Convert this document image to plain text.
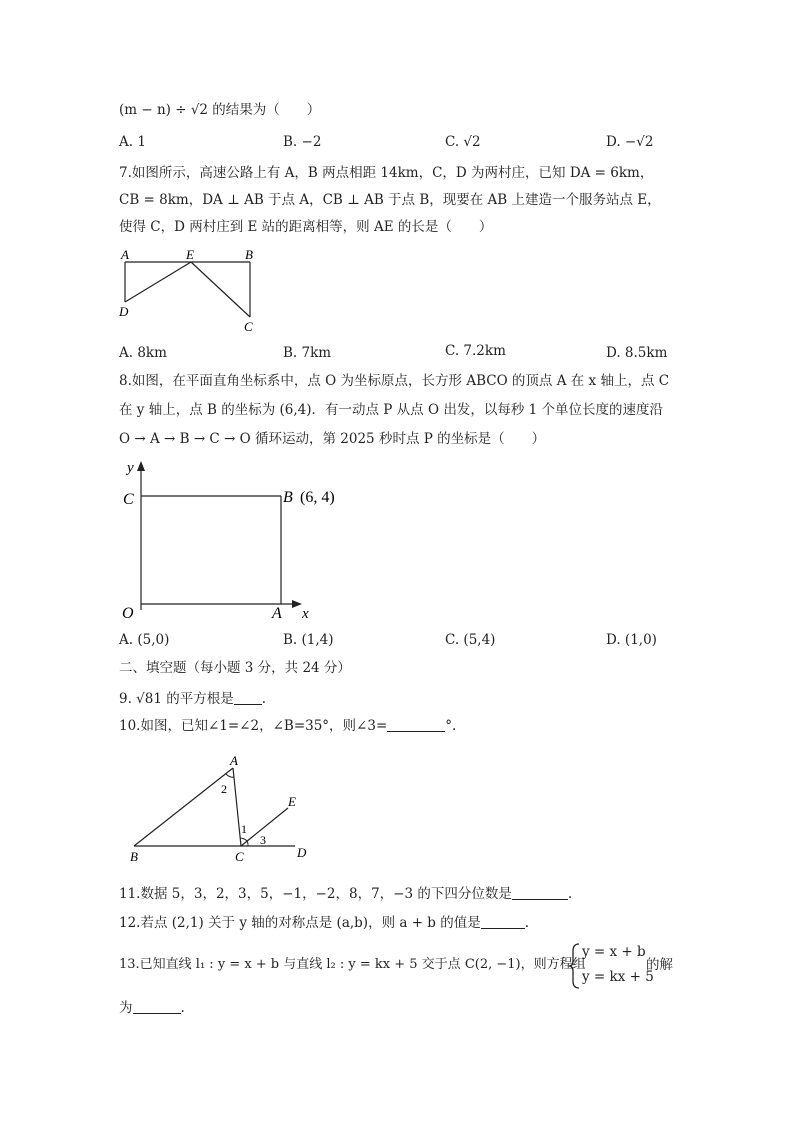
(m − n) ÷ √2 的结果为（　　）
A. 1	B. −2	C. √2	D. −√2
7.如图所示，高速公路上有 A，B 两点相距 14km，C，D 为两村庄，已知 DA = 6km，
CB = 8km，DA ⊥ AB 于点 A，CB ⊥ AB 于点 B，现要在 AB 上建造一个服务站点 E，
使得 C，D 两村庄到 E 站的距离相等，则 AE 的长是（　　）
A	E	B
D
C
A. 8km	B. 7km	C. 7.2km	D. 8.5km
8.如图，在平面直角坐标系中，点 O 为坐标原点，长方形 ABCO 的顶点 A 在 x 轴上，点 C
在 y 轴上，点 B 的坐标为 (6,4)．有一动点 P 从点 O 出发，以每秒 1 个单位长度的速度沿
O → A → B → C → O 循环运动，第 2025 秒时点 P 的坐标是（　　）
y
x
C
O	A
B (6, 4)
A. (5,0)	B. (1,4)	C. (5,4)	D. (1,0)
二、填空题（每小题 3 分，共 24 分）
9. √81 的平方根是 .
10.如图，已知∠1=∠2，∠B=35°，则∠3=	°.
A
2
E
1
3
B	C	D
11.数据 5，3，2，3，5，−1，−2，8，7，−3 的下四分位数是	.
12.若点 (2,1) 关于 y 轴的对称点是 (a,b)，则 a + b 的值是	.
13.已知直线 l₁ : y = x + b 与直线 l₂ : y = kx + 5 交于点 C(2, −1)，则方程组
y = x + b
y = kx + 5
的解
为	.
